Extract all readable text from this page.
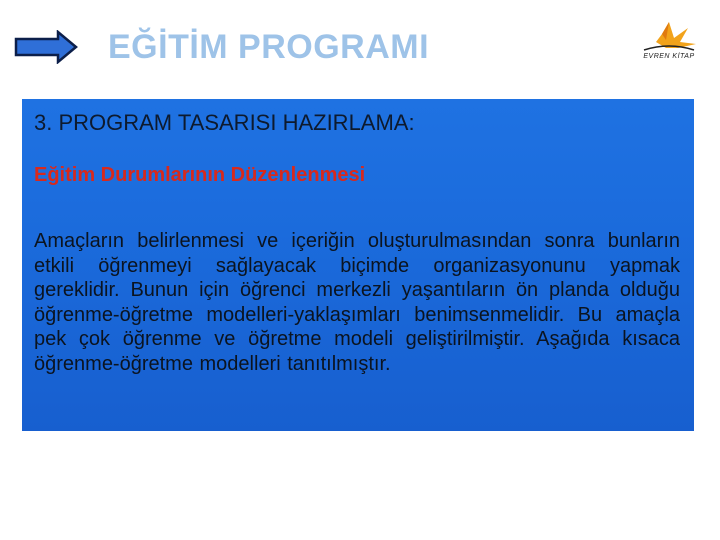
EĞİTİM PROGRAMI	EVREN KİTAP
3. PROGRAM TASARISI HAZIRLAMA:
Eğitim Durumlarının Düzenlenmesi
Amaçların belirlenmesi ve içeriğin oluşturulmasından sonra bunların etkili öğrenmeyi sağlayacak biçimde organizasyonunu yapmak gereklidir. Bunun için öğrenci merkezli yaşantıların ön planda olduğu öğrenme-öğretme modelleri-yaklaşımları benimsenmelidir. Bu amaçla pek çok öğrenme ve öğretme modeli geliştirilmiştir. Aşağıda kısaca öğrenme-öğretme modelleri tanıtılmıştır.
